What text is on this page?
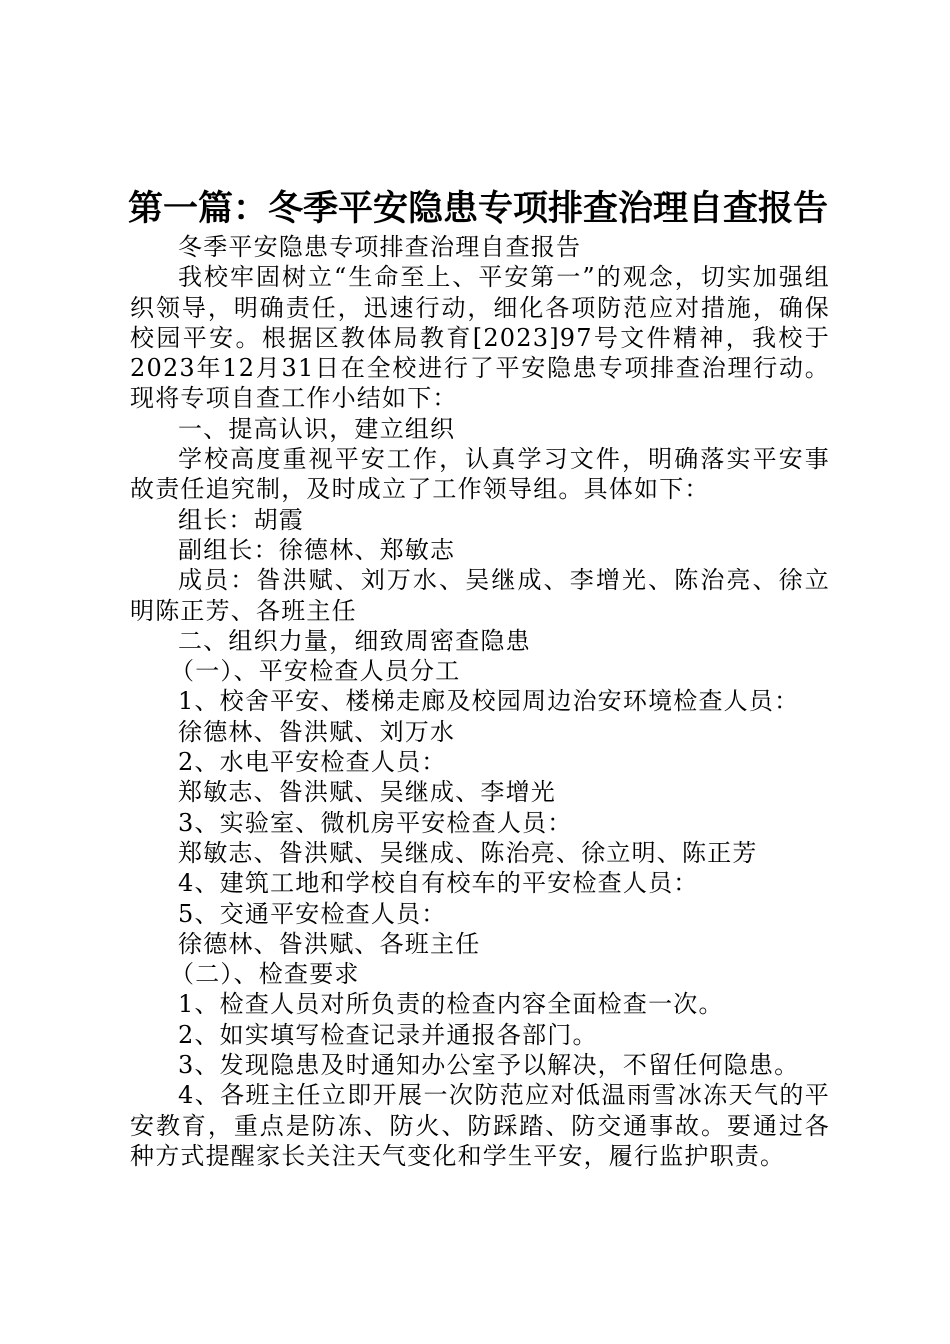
第一篇：冬季平安隐患专项排查治理自查报告

冬季平安隐患专项排查治理自查报告

我校牢固树立“生命至上、平安第一”的观念，切实加强组织领导，明确责任，迅速行动，细化各项防范应对措施，确保校园平安。根据区教体局教育[2023]97号文件精神，我校于2023年12月31日在全校进行了平安隐患专项排查治理行动。现将专项自查工作小结如下：

一、提高认识，建立组织

学校高度重视平安工作，认真学习文件，明确落实平安事故责任追究制，及时成立了工作领导组。具体如下：

组长：胡霞

副组长：徐德林、郑敏志

成员：昝洪赋、刘万水、吴继成、李增光、陈治亮、徐立明陈正芳、各班主任

二、组织力量，细致周密查隐患

（一）、平安检查人员分工

1、校舍平安、楼梯走廊及校园周边治安环境检查人员：

徐德林、昝洪赋、刘万水

2、水电平安检查人员：

郑敏志、昝洪赋、吴继成、李增光

3、实验室、微机房平安检查人员：

郑敏志、昝洪赋、吴继成、陈治亮、徐立明、陈正芳

4、建筑工地和学校自有校车的平安检查人员：

5、交通平安检查人员：

徐德林、昝洪赋、各班主任

（二）、检查要求

1、检查人员对所负责的检查内容全面检查一次。

2、如实填写检查记录并通报各部门。

3、发现隐患及时通知办公室予以解决，不留任何隐患。

4、各班主任立即开展一次防范应对低温雨雪冰冻天气的平安教育，重点是防冻、防火、防踩踏、防交通事故。要通过各种方式提醒家长关注天气变化和学生平安，履行监护职责。
